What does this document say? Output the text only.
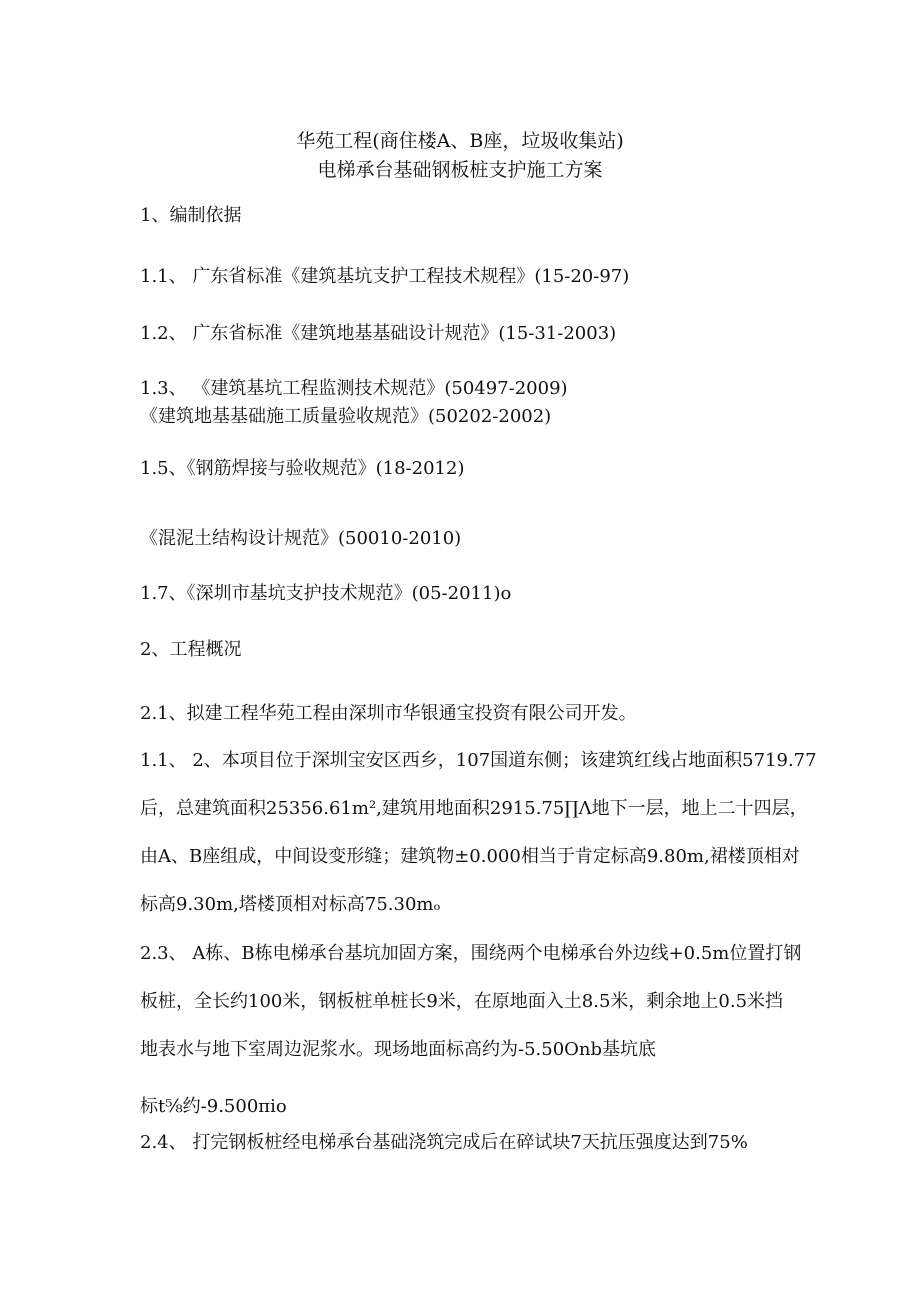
华苑工程(商住楼A、B座，垃圾收集站)
电梯承台基础钢板桩支护施工方案
1、编制依据
1.1、 广东省标准《建筑基坑支护工程技术规程》(15-20-97)
1.2、 广东省标准《建筑地基基础设计规范》(15-31-2003)
1.3、 《建筑基坑工程监测技术规范》(50497-2009)
《建筑地基基础施工质量验收规范》(50202-2002)
1.5、《钢筋焊接与验收规范》(18-2012)
《混泥土结构设计规范》(50010-2010)
1.7、《深圳市基坑支护技术规范》(05-2011)o
2、工程概况
2.1、拟建工程华苑工程由深圳市华银通宝投资有限公司开发。
1.1、 2、本项目位于深圳宝安区西乡，107国道东侧；该建筑红线占地面积5719.77
后，总建筑面积25356.61m²,建筑用地面积2915.75∏Λ地下一层，地上二十四层，
由A、B座组成，中间设变形缝；建筑物±0.000相当于肯定标高9.80m,裙楼顶相对
标高9.30m,塔楼顶相对标高75.30mₒ
2.3、 A栋、B栋电梯承台基坑加固方案，围绕两个电梯承台外边线+0.5m位置打钢
板桩，全长约100米，钢板桩单桩长9米，在原地面入土8.5米，剩余地上0.5米挡
地表水与地下室周边泥浆水。现场地面标高约为-5.50Onb基坑底
标t⅝约-9.500πio
2.4、 打完钢板桩经电梯承台基础浇筑完成后在碎试块7天抗压强度达到75%
